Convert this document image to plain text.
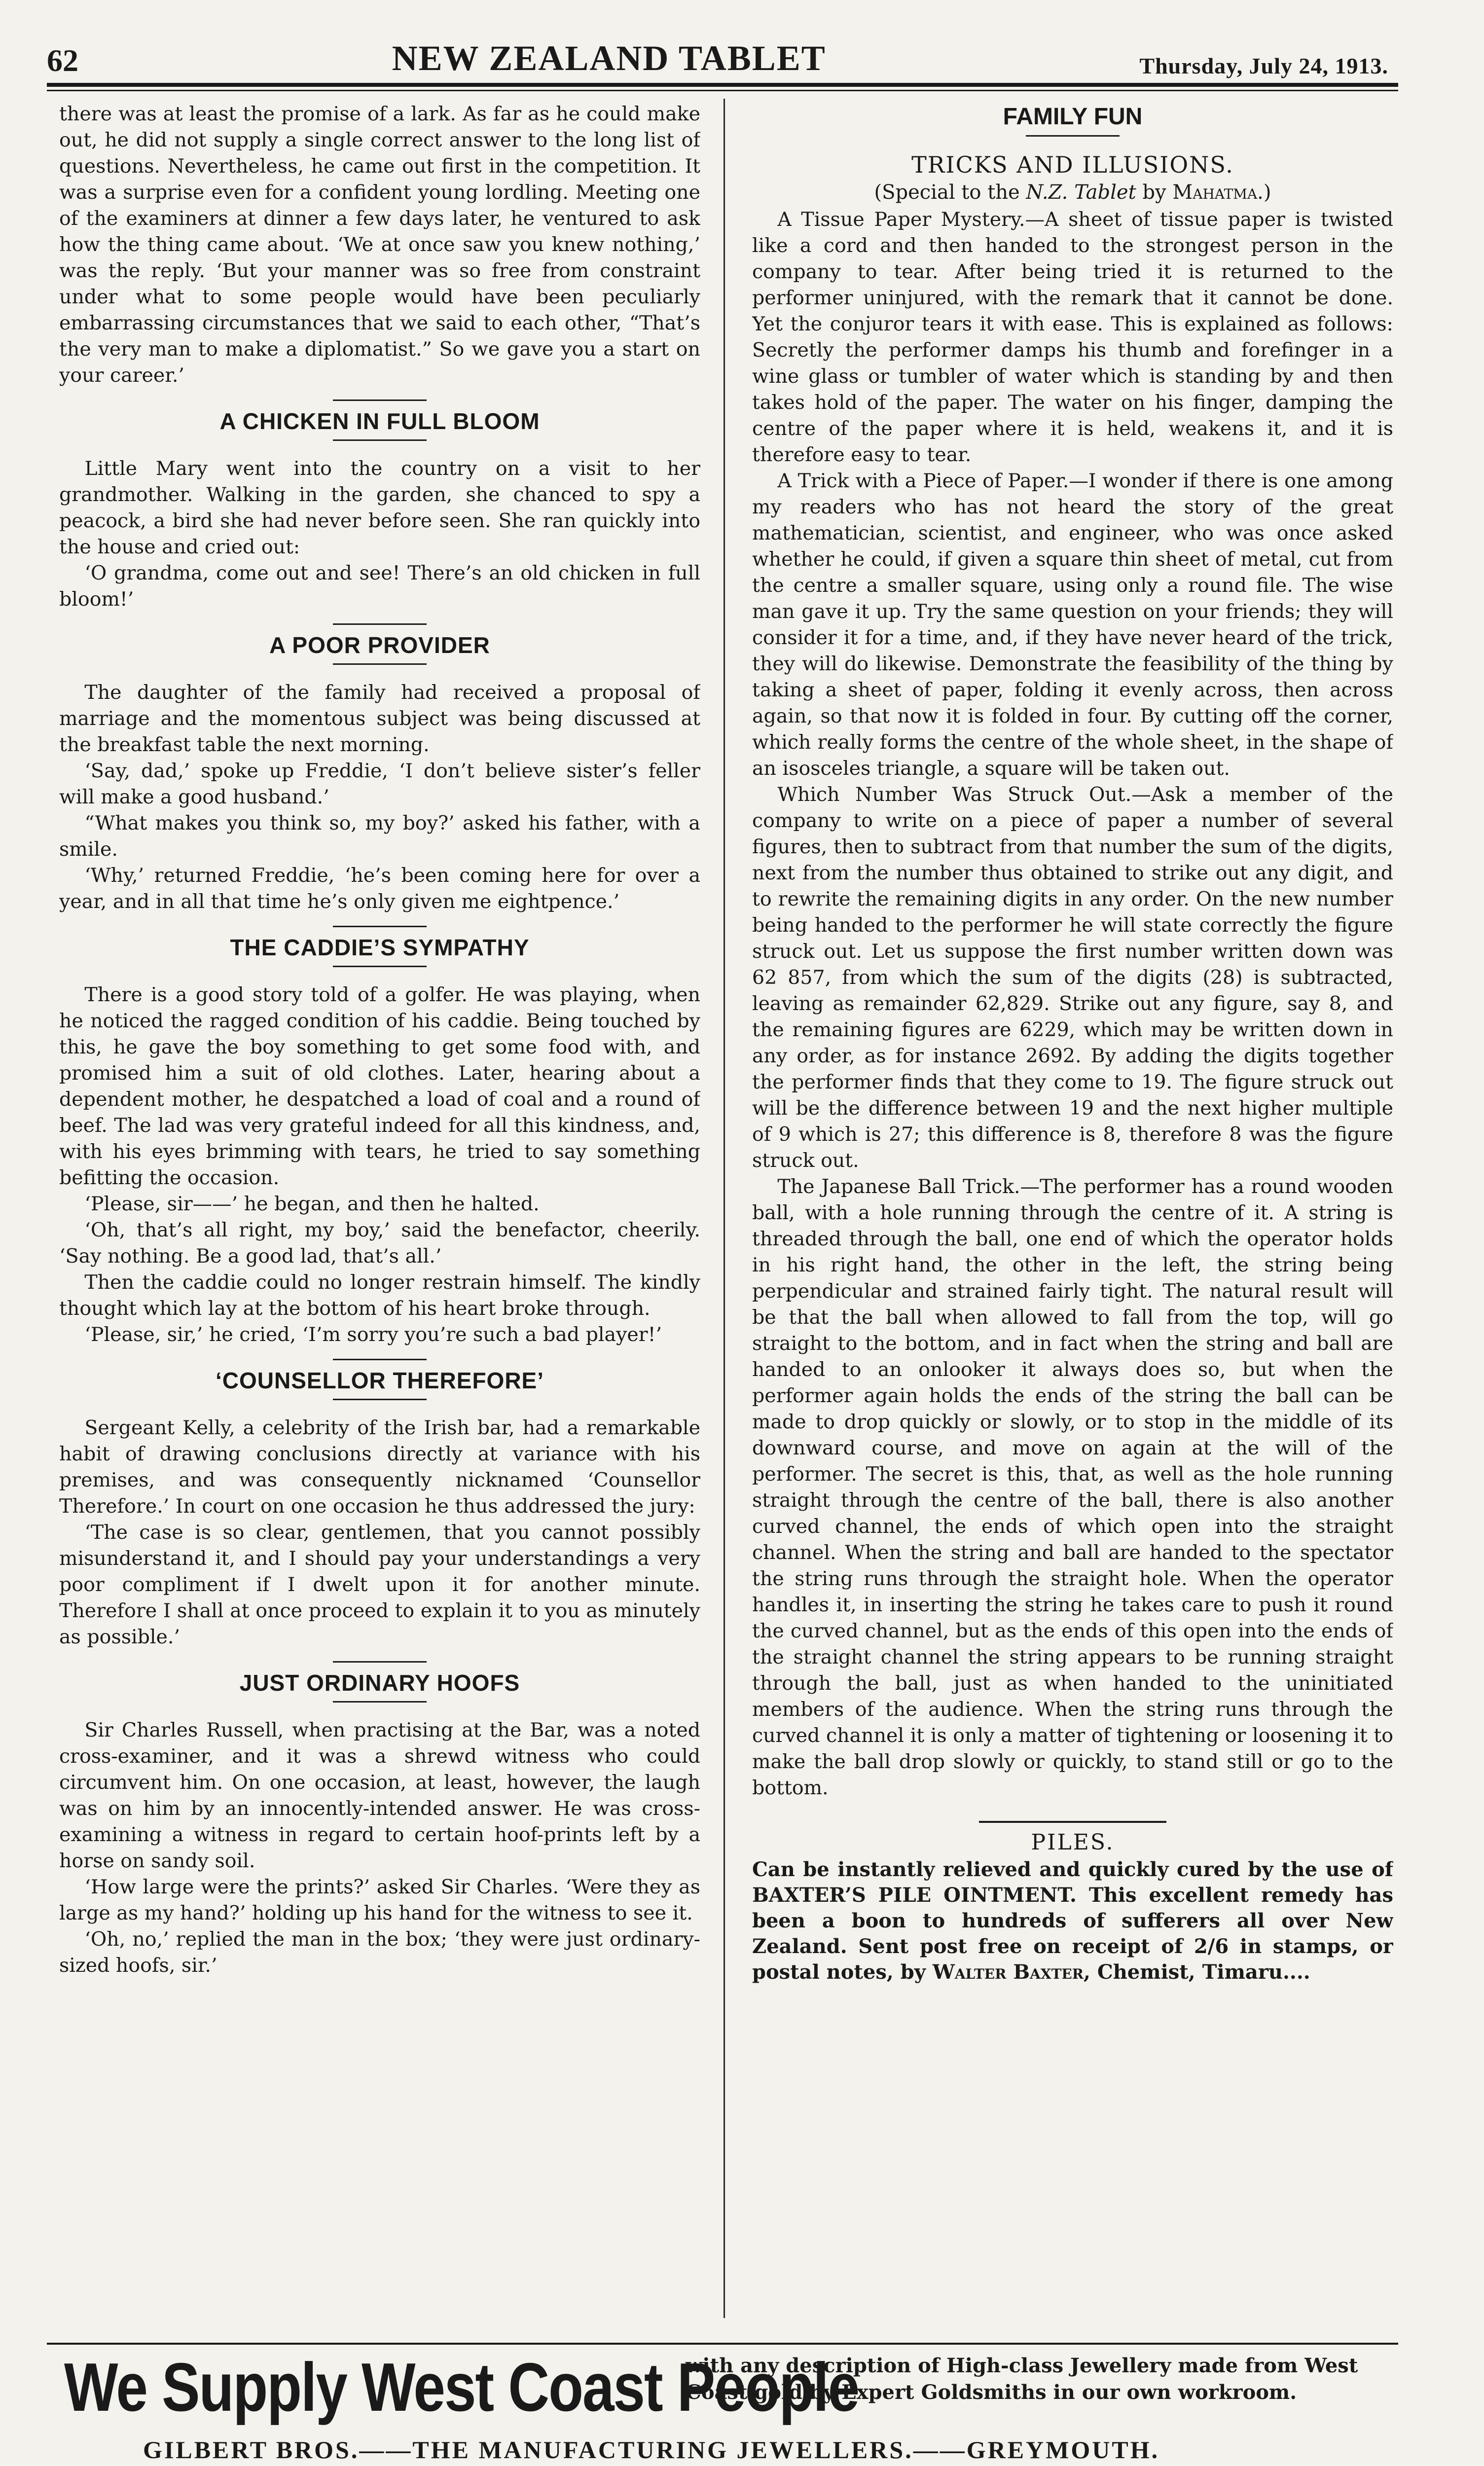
62	NEW ZEALAND TABLET	Thursday, July 24, 1913.

there was at least the promise of a lark. As far as he could make out, he did not supply a single correct answer to the long list of questions. Nevertheless, he came out first in the competition. It was a surprise even for a confident young lordling. Meeting one of the examiners at dinner a few days later, he ventured to ask how the thing came about. ‘We at once saw you knew nothing,’ was the reply. ‘But your manner was so free from constraint under what to some people would have been peculiarly embarrassing circumstances that we said to each other, “That’s the very man to make a diplomatist.” So we gave you a start on your career.’

A CHICKEN IN FULL BLOOM

Little Mary went into the country on a visit to her grandmother. Walking in the garden, she chanced to spy a peacock, a bird she had never before seen. She ran quickly into the house and cried out:

‘O grandma, come out and see! There’s an old chicken in full bloom!’

A POOR PROVIDER

The daughter of the family had received a proposal of marriage and the momentous subject was being discussed at the breakfast table the next morning.

‘Say, dad,’ spoke up Freddie, ‘I don’t believe sister’s feller will make a good husband.’

“What makes you think so, my boy?’ asked his father, with a smile.

‘Why,’ returned Freddie, ‘he’s been coming here for over a year, and in all that time he’s only given me eightpence.’

THE CADDIE’S SYMPATHY

There is a good story told of a golfer. He was playing, when he noticed the ragged condition of his caddie. Being touched by this, he gave the boy something to get some food with, and promised him a suit of old clothes. Later, hearing about a dependent mother, he despatched a load of coal and a round of beef. The lad was very grateful indeed for all this kindness, and, with his eyes brimming with tears, he tried to say something befitting the occasion.

‘Please, sir——’ he began, and then he halted.

‘Oh, that’s all right, my boy,’ said the benefactor, cheerily. ‘Say nothing. Be a good lad, that’s all.’

Then the caddie could no longer restrain himself. The kindly thought which lay at the bottom of his heart broke through.

‘Please, sir,’ he cried, ‘I’m sorry you’re such a bad player!’

‘COUNSELLOR THEREFORE’

Sergeant Kelly, a celebrity of the Irish bar, had a remarkable habit of drawing conclusions directly at variance with his premises, and was consequently nicknamed ‘Counsellor Therefore.’ In court on one occasion he thus addressed the jury:

‘The case is so clear, gentlemen, that you cannot possibly misunderstand it, and I should pay your understandings a very poor compliment if I dwelt upon it for another minute. Therefore I shall at once proceed to explain it to you as minutely as possible.’

JUST ORDINARY HOOFS

Sir Charles Russell, when practising at the Bar, was a noted cross-examiner, and it was a shrewd witness who could circumvent him. On one occasion, at least, however, the laugh was on him by an innocently-intended answer. He was cross-examining a witness in regard to certain hoof-prints left by a horse on sandy soil.

‘How large were the prints?’ asked Sir Charles. ‘Were they as large as my hand?’ holding up his hand for the witness to see it.

‘Oh, no,’ replied the man in the box; ‘they were just ordinary-sized hoofs, sir.’

FAMILY FUN
TRICKS AND ILLUSIONS.
(Special to the N.Z. Tablet by Mahatma.)

A Tissue Paper Mystery.—A sheet of tissue paper is twisted like a cord and then handed to the strongest person in the company to tear. After being tried it is returned to the performer uninjured, with the remark that it cannot be done. Yet the conjuror tears it with ease. This is explained as follows: Secretly the performer damps his thumb and forefinger in a wine glass or tumbler of water which is standing by and then takes hold of the paper. The water on his finger, damping the centre of the paper where it is held, weakens it, and it is therefore easy to tear.

A Trick with a Piece of Paper.—I wonder if there is one among my readers who has not heard the story of the great mathematician, scientist, and engineer, who was once asked whether he could, if given a square thin sheet of metal, cut from the centre a smaller square, using only a round file. The wise man gave it up. Try the same question on your friends; they will consider it for a time, and, if they have never heard of the trick, they will do likewise. Demonstrate the feasibility of the thing by taking a sheet of paper, folding it evenly across, then across again, so that now it is folded in four. By cutting off the corner, which really forms the centre of the whole sheet, in the shape of an isosceles triangle, a square will be taken out.

Which Number Was Struck Out.—Ask a member of the company to write on a piece of paper a number of several figures, then to subtract from that number the sum of the digits, next from the number thus obtained to strike out any digit, and to rewrite the remaining digits in any order. On the new number being handed to the performer he will state correctly the figure struck out. Let us suppose the first number written down was 62 857, from which the sum of the digits (28) is subtracted, leaving as remainder 62,829. Strike out any figure, say 8, and the remaining figures are 6229, which may be written down in any order, as for instance 2692. By adding the digits together the performer finds that they come to 19. The figure struck out will be the difference between 19 and the next higher multiple of 9 which is 27; this difference is 8, therefore 8 was the figure struck out.

The Japanese Ball Trick.—The performer has a round wooden ball, with a hole running through the centre of it. A string is threaded through the ball, one end of which the operator holds in his right hand, the other in the left, the string being perpendicular and strained fairly tight. The natural result will be that the ball when allowed to fall from the top, will go straight to the bottom, and in fact when the string and ball are handed to an onlooker it always does so, but when the performer again holds the ends of the string the ball can be made to drop quickly or slowly, or to stop in the middle of its downward course, and move on again at the will of the performer. The secret is this, that, as well as the hole running straight through the centre of the ball, there is also another curved channel, the ends of which open into the straight channel. When the string and ball are handed to the spectator the string runs through the straight hole. When the operator handles it, in inserting the string he takes care to push it round the curved channel, but as the ends of this open into the ends of the straight channel the string appears to be running straight through the ball, just as when handed to the uninitiated members of the audience. When the string runs through the curved channel it is only a matter of tightening or loosening it to make the ball drop slowly or quickly, to stand still or go to the bottom.

PILES.

Can be instantly relieved and quickly cured by the use of BAXTER’S PILE OINTMENT. This excellent remedy has been a boon to hundreds of sufferers all over New Zealand. Sent post free on receipt of 2/6 in stamps, or postal notes, by Walter Baxter, Chemist, Timaru....

We Supply West Coast People
with any description of High-class Jewellery made from West Coast gold by Expert Goldsmiths in our own workroom.
GILBERT BROS.——THE MANUFACTURING JEWELLERS.——GREYMOUTH.
